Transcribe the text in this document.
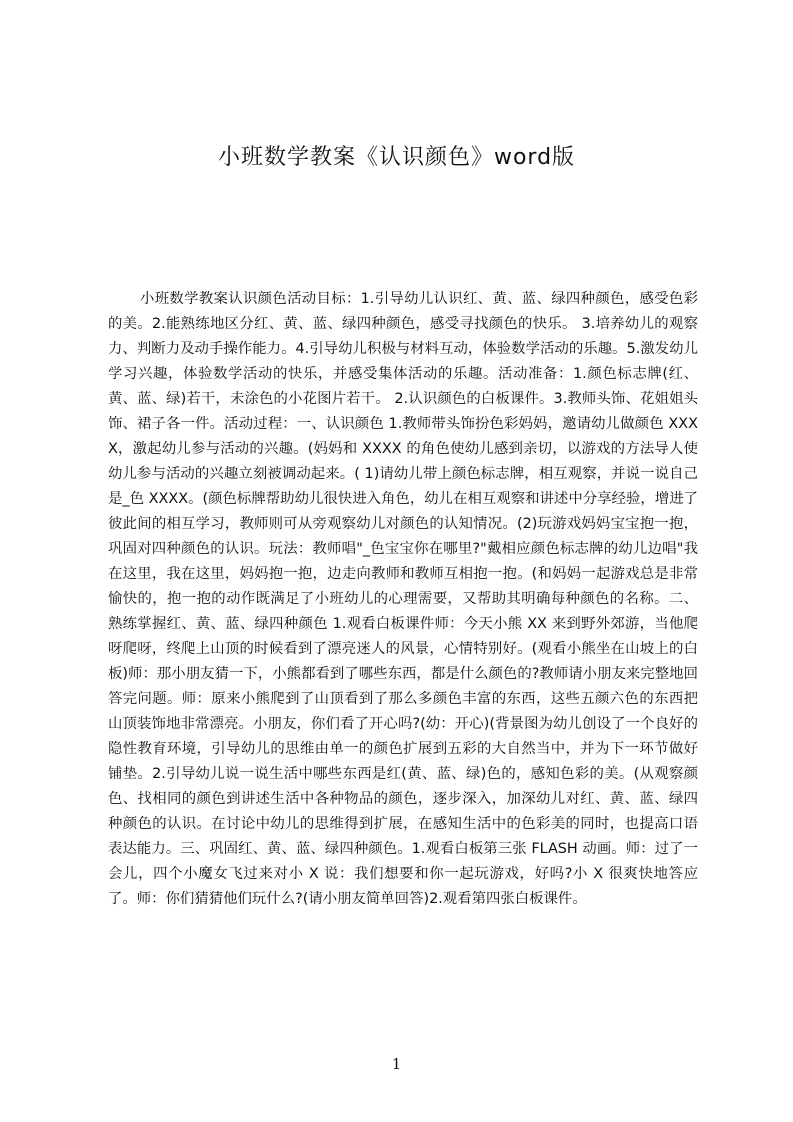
小班数学教案《认识颜色》word版

小班数学教案认识颜色活动目标：1.引导幼儿认识红、黄、蓝、绿四种颜色，感受色彩的美。2.能熟练地区分红、黄、蓝、绿四种颜色，感受寻找颜色的快乐。 3.培养幼儿的观察力、判断力及动手操作能力。4.引导幼儿积极与材料互动，体验数学活动的乐趣。5.激发幼儿学习兴趣，体验数学活动的快乐，并感受集体活动的乐趣。活动准备：1.颜色标志牌(红、黄、蓝、绿)若干，未涂色的小花图片若干。 2.认识颜色的白板课件。3.教师头饰、花姐姐头饰、裙子各一件。活动过程：一、认识颜色 1.教师带头饰扮色彩妈妈，邀请幼儿做颜色 XXXX，激起幼儿参与活动的兴趣。(妈妈和 XXXX 的角色使幼儿感到亲切，以游戏的方法导人使幼儿参与活动的兴趣立刻被调动起来。( 1)请幼儿带上颜色标志牌，相互观察，并说一说自己是_色 XXXX。(颜色标牌帮助幼儿很快进入角色，幼儿在相互观察和讲述中分享经验，增进了彼此间的相互学习，教师则可从旁观察幼儿对颜色的认知情况。(2)玩游戏妈妈宝宝抱一抱，巩固对四种颜色的认识。玩法：教师唱"_色宝宝你在哪里?"戴相应颜色标志牌的幼儿边唱"我在这里，我在这里，妈妈抱一抱，边走向教师和教师互相抱一抱。(和妈妈一起游戏总是非常愉快的，抱一抱的动作既满足了小班幼儿的心理需要，又帮助其明确每种颜色的名称。二、熟练掌握红、黄、蓝、绿四种颜色 1.观看白板课件师：今天小熊 XX 来到野外郊游，当他爬呀爬呀，终爬上山顶的时候看到了漂亮迷人的风景，心情特别好。(观看小熊坐在山坡上的白板)师：那小朋友猜一下，小熊都看到了哪些东西，都是什么颜色的?教师请小朋友来完整地回答完问题。师：原来小熊爬到了山顶看到了那么多颜色丰富的东西，这些五颜六色的东西把山顶装饰地非常漂亮。小朋友，你们看了开心吗?(幼：开心)(背景图为幼儿创设了一个良好的隐性教育环境，引导幼儿的思维由单一的颜色扩展到五彩的大自然当中，并为下一环节做好铺垫。2.引导幼儿说一说生活中哪些东西是红(黄、蓝、绿)色的，感知色彩的美。(从观察颜色、找相同的颜色到讲述生活中各种物品的颜色，逐步深入，加深幼儿对红、黄、蓝、绿四种颜色的认识。在讨论中幼儿的思维得到扩展，在感知生活中的色彩美的同时，也提高口语表达能力。三、巩固红、黄、蓝、绿四种颜色。1.观看白板第三张 FLASH 动画。师：过了一会儿，四个小魔女飞过来对小 X 说：我们想要和你一起玩游戏，好吗?小 X 很爽快地答应了。师：你们猜猜他们玩什么?(请小朋友简单回答)2.观看第四张白板课件。

1
